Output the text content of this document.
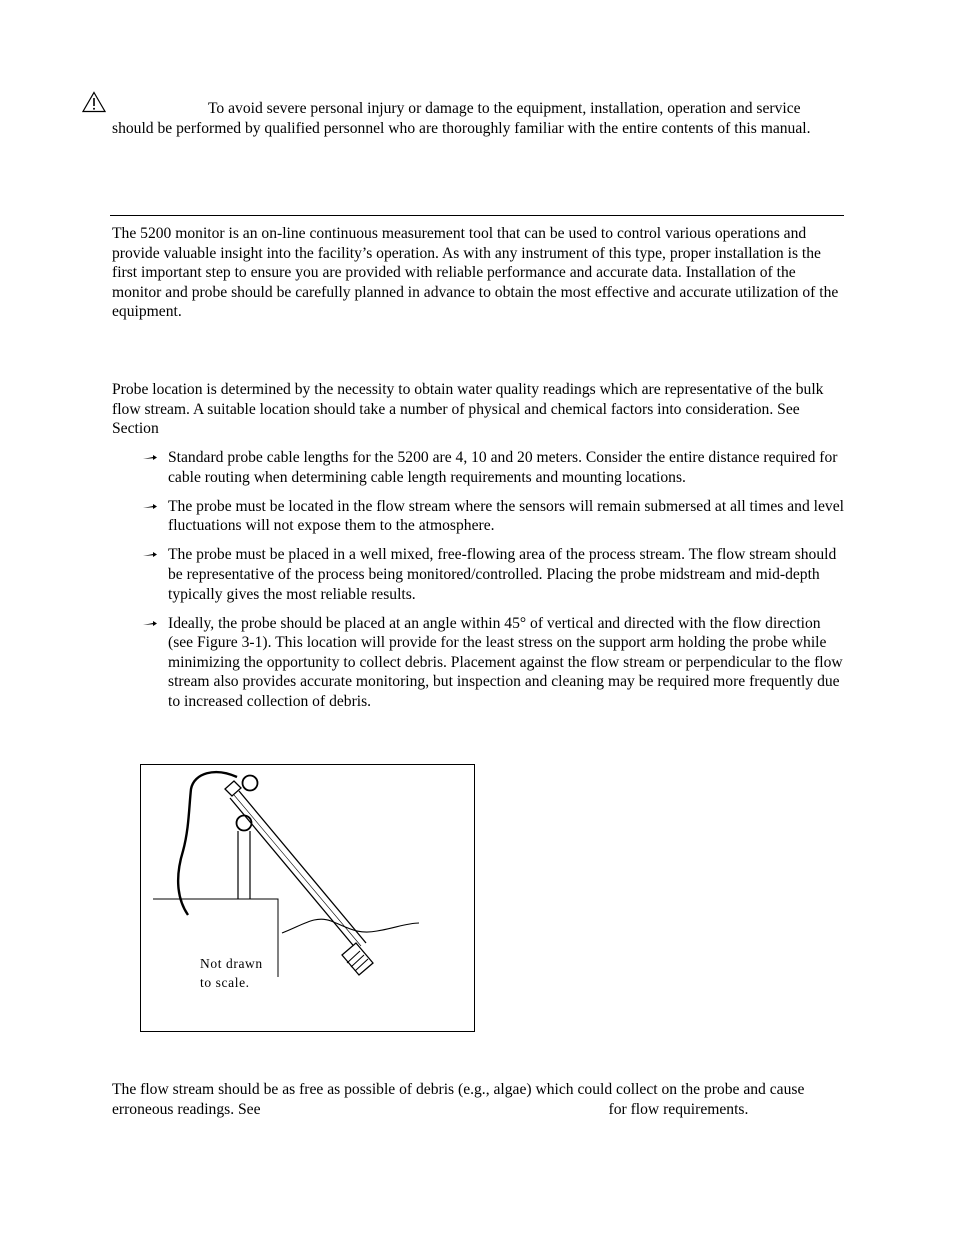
To avoid severe personal injury or damage to the equipment, installation, operation and service should be performed by qualified personnel who are thoroughly familiar with the entire contents of this manual.

The 5200 monitor is an on-line continuous measurement tool that can be used to control various operations and provide valuable insight into the facility’s operation. As with any instrument of this type, proper installation is the first important step to ensure you are provided with reliable performance and accurate data. Installation of the monitor and probe should be carefully planned in advance to obtain the most effective and accurate utilization of the equipment.

Probe location is determined by the necessity to obtain water quality readings which are representative of the bulk flow stream. A suitable location should take a number of physical and chemical factors into consideration. See Section

Standard probe cable lengths for the 5200 are 4, 10 and 20 meters. Consider the entire distance required for cable routing when determining cable length requirements and mounting locations.
The probe must be located in the flow stream where the sensors will remain submersed at all times and level fluctuations will not expose them to the atmosphere.
The probe must be placed in a well mixed, free-flowing area of the process stream. The flow stream should be representative of the process being monitored/controlled. Placing the probe midstream and mid-depth typically gives the most reliable results.
Ideally, the probe should be placed at an angle within 45° of vertical and directed with the flow direction (see Figure 3-1). This location will provide for the least stress on the support arm holding the probe while minimizing the opportunity to collect debris. Placement against the flow stream or perpendicular to the flow stream also provides accurate monitoring, but inspection and cleaning may be required more frequently due to increased collection of debris.
Not drawn
to scale.

The flow stream should be as free as possible of debris (e.g., algae) which could collect on the probe and cause erroneous readings. See	for flow requirements.
